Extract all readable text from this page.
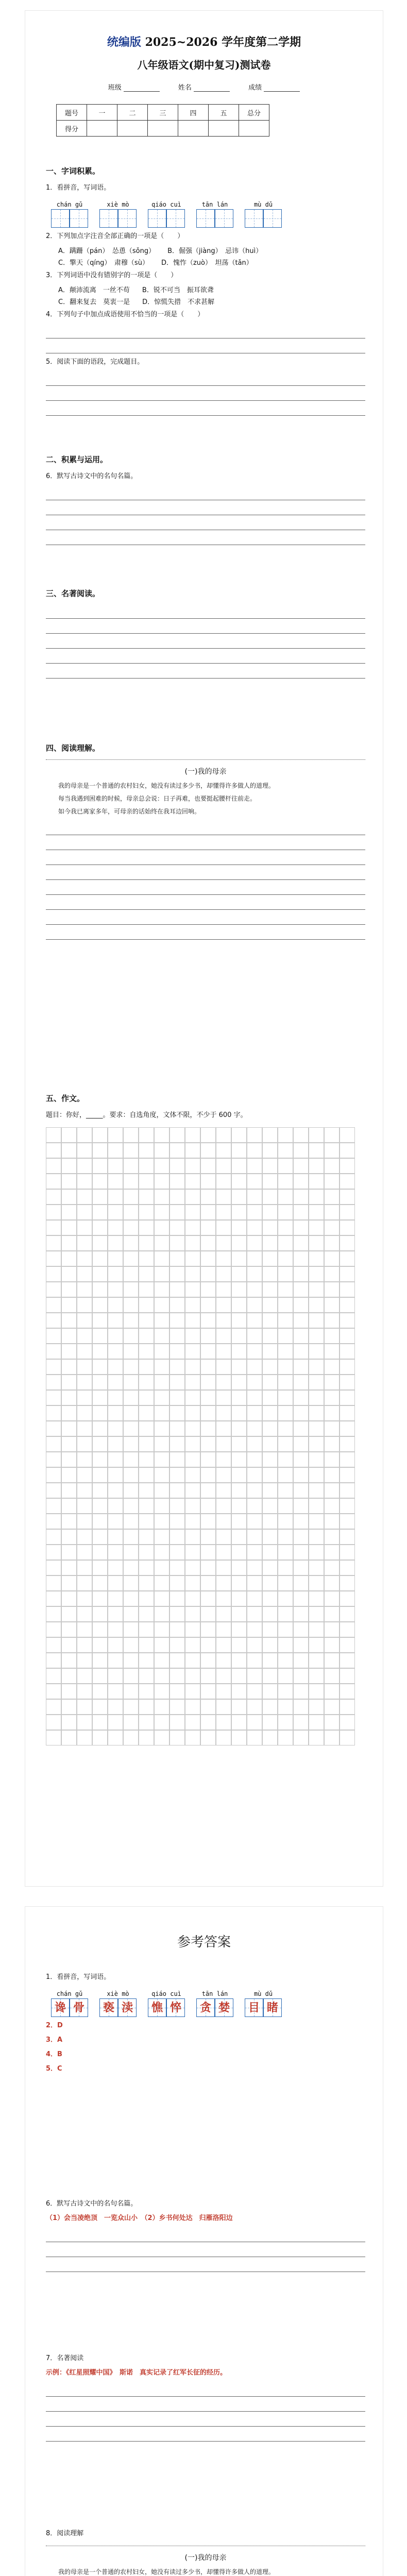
统编版 2025~2026 学年度第二学期
八年级语文(期中复习)测试卷
班级	姓名	成绩
题号	一	二	三	四	五	总分
得分						
一、字词积累。
1．看拼音，写词语。
chán gǔ	xiè mò	qiáo cuì	tān lán	mù dǔ
2．下列加点字注音全部正确的一项是（　　）
A．蹒跚（pán）　怂恿（sǒng） B．倔强（jiàng）　忌讳（huì）
C．擎天（qíng）　肃穆（sù） D．愧怍（zuò）　坦荡（tǎn）
3．下列词语中没有错别字的一项是（　　）
A．颠沛流离　一丝不苟 B．锐不可当　振耳欲聋
C．翻来复去　莫衷一是 D．惊慌失措　不求甚解
4．下列句子中加点成语使用不恰当的一项是（　　）
5．阅读下面的语段，完成题目。
二、积累与运用。
6．默写古诗文中的名句名篇。
三、名著阅读。
四、阅读理解。
(一)我的母亲

我的母亲是一个普通的农村妇女，她没有读过多少书，却懂得许多做人的道理。

每当我遇到困难的时候，母亲总会说：日子再难，也要挺起腰杆往前走。

如今我已离家多年，可母亲的话始终在我耳边回响。

五、作文。
题目：你好，_____。要求：自选角度，文体不限，不少于 600 字。
参考答案
1．看拼音，写词语。
chán gǔ
谗 骨
xiè mò
亵 渎
qiáo cuì
憔 悴
tān lán
贪 婪
mù dǔ
目 睹
2．D
3．A
4．B
5．C
6．默写古诗文中的名句名篇。
（1）会当凌绝顶　一览众山小　（2）乡书何处达　归雁洛阳边
7．名著阅读
示例：《红星照耀中国》　斯诺　真实记录了红军长征的经历。
8．阅读理解
(一)我的母亲

我的母亲是一个普通的农村妇女，她没有读过多少书，却懂得许多做人的道理。
